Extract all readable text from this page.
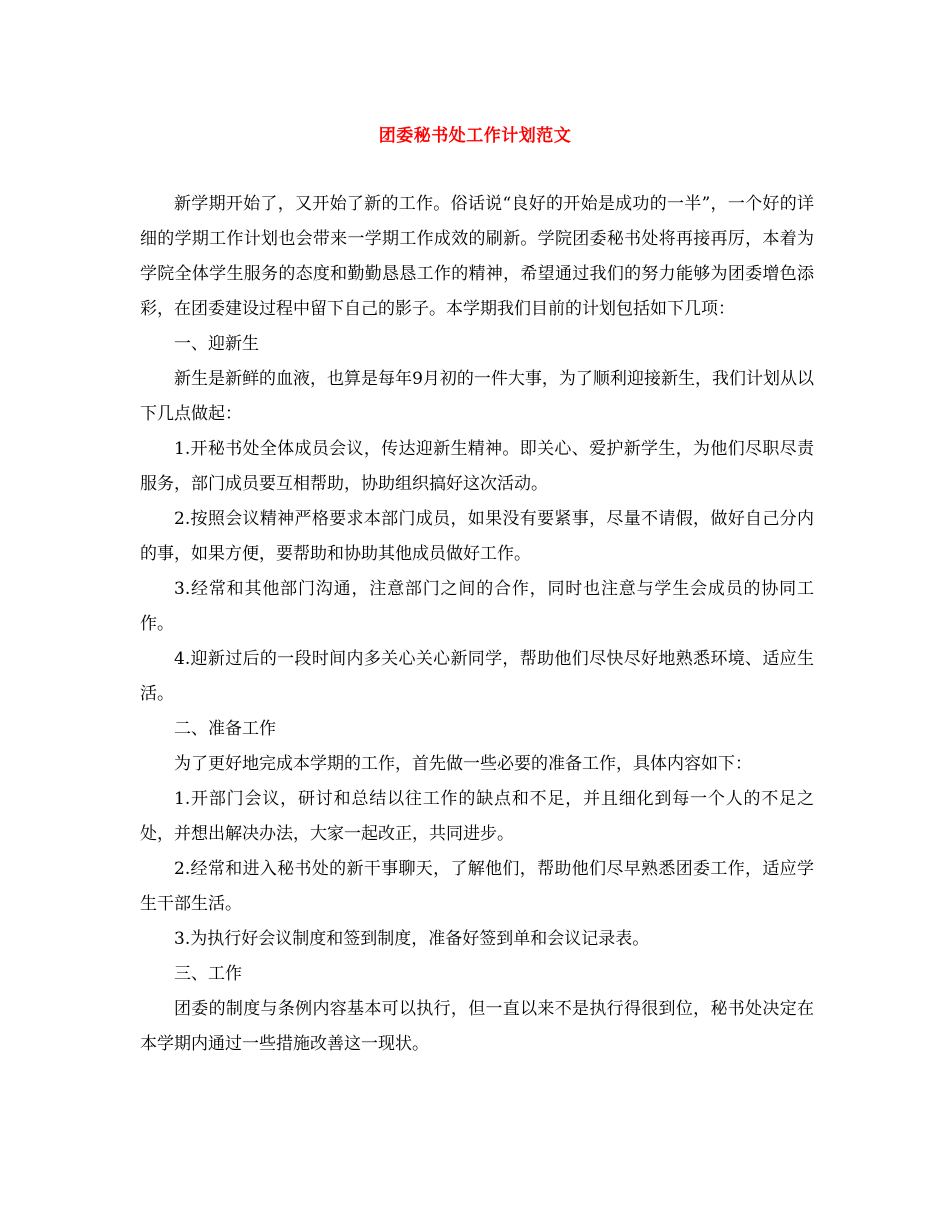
团委秘书处工作计划范文

新学期开始了，又开始了新的工作。俗话说“良好的开始是成功的一半”，一个好的详细的学期工作计划也会带来一学期工作成效的刷新。学院团委秘书处将再接再厉，本着为学院全体学生服务的态度和勤勤恳恳工作的精神，希望通过我们的努力能够为团委增色添彩，在团委建设过程中留下自己的影子。本学期我们目前的计划包括如下几项：

一、迎新生

新生是新鲜的血液，也算是每年9月初的一件大事，为了顺利迎接新生，我们计划从以下几点做起：

1.开秘书处全体成员会议，传达迎新生精神。即关心、爱护新学生，为他们尽职尽责服务，部门成员要互相帮助，协助组织搞好这次活动。

2.按照会议精神严格要求本部门成员，如果没有要紧事，尽量不请假，做好自己分内的事，如果方便，要帮助和协助其他成员做好工作。

3.经常和其他部门沟通，注意部门之间的合作，同时也注意与学生会成员的协同工作。

4.迎新过后的一段时间内多关心关心新同学，帮助他们尽快尽好地熟悉环境、适应生活。

二、准备工作

为了更好地完成本学期的工作，首先做一些必要的准备工作，具体内容如下：

1.开部门会议，研讨和总结以往工作的缺点和不足，并且细化到每一个人的不足之处，并想出解决办法，大家一起改正，共同进步。

2.经常和进入秘书处的新干事聊天，了解他们，帮助他们尽早熟悉团委工作，适应学生干部生活。

3.为执行好会议制度和签到制度，准备好签到单和会议记录表。

三、工作

团委的制度与条例内容基本可以执行，但一直以来不是执行得很到位，秘书处决定在本学期内通过一些措施改善这一现状。
